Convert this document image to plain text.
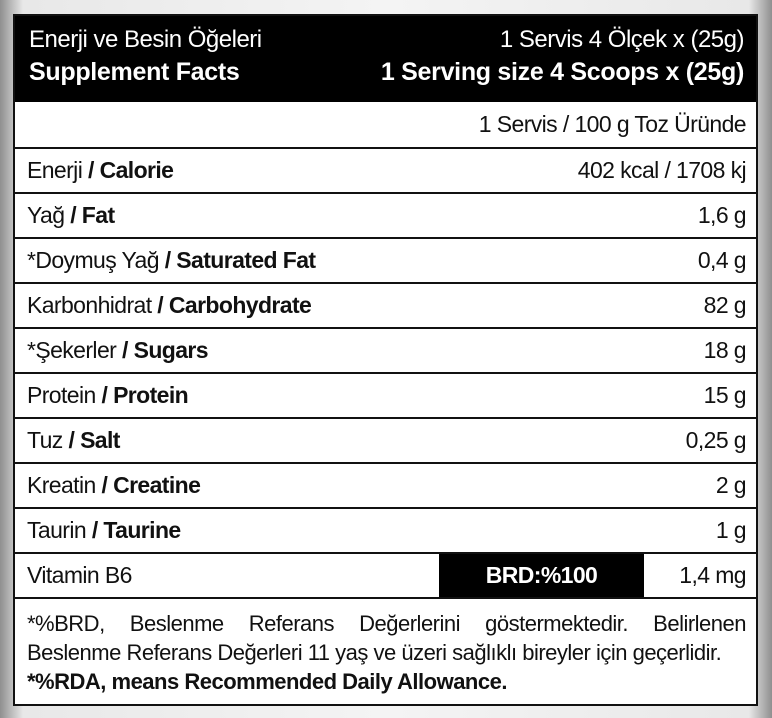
Enerji ve Besin Öğeleri	1 Servis 4 Ölçek x (25g)
Supplement Facts	1 Serving size 4 Scoops x (25g)
1 Servis / 100 g Toz Üründe
Enerji / Calorie	402 kcal / 1708 kj
Yağ / Fat	1,6 g
*Doymuş Yağ / Saturated Fat	0,4 g
Karbonhidrat / Carbohydrate	82 g
*Şekerler / Sugars	18 g
Protein / Protein	15 g
Tuz / Salt	0,25 g
Kreatin / Creatine	2 g
Taurin / Taurine	1 g
Vitamin B6	BRD:%100	1,4 mg
*%BRD, Beslenme Referans Değerlerini göstermektedir. Belirlenen Beslenme Referans Değerleri 11 yaş ve üzeri sağlıklı bireyler için geçerlidir.
*%RDA, means Recommended Daily Allowance.
